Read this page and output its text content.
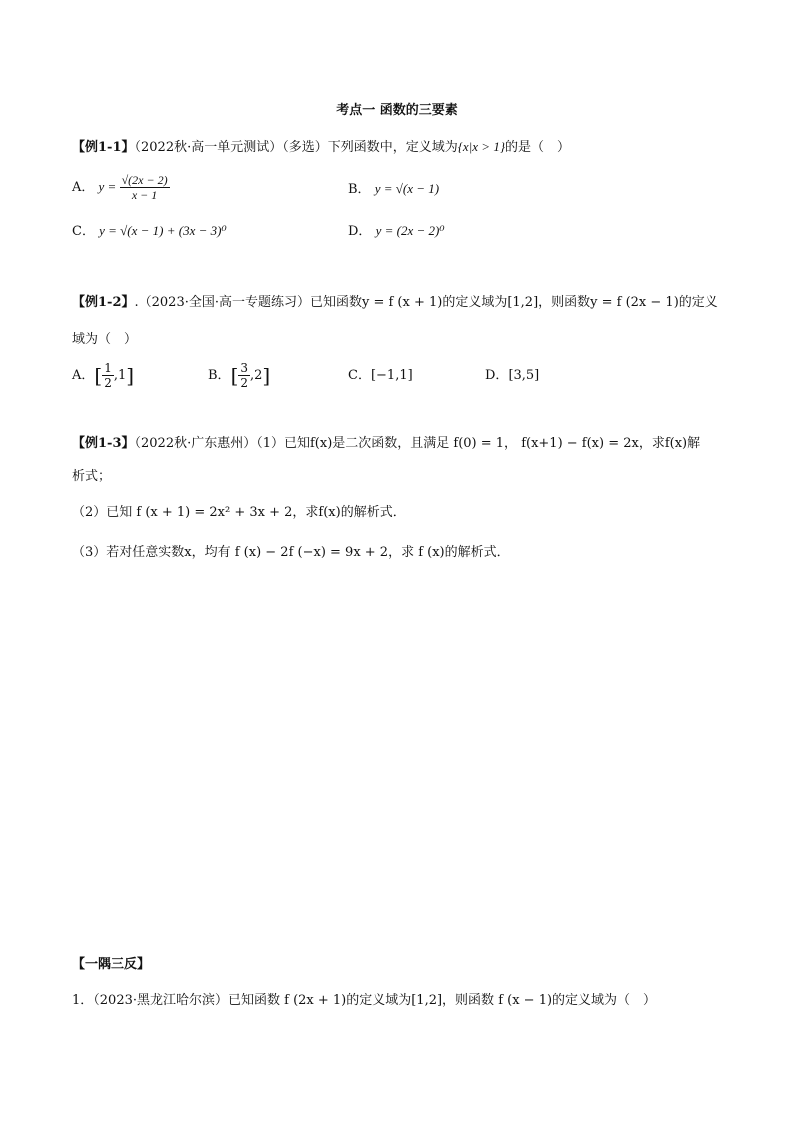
考点一 函数的三要素
【例1-1】（2022秋·高一单元测试）（多选）下列函数中，定义域为{x|x > 1}的是（　）
A． $y = \frac{√(2x - 2)}{x - 1}$	B． y = √(x − 1)
C． y = √(x − 1) + (3x − 3)⁰	D． y = (2x − 2)⁰
【例1-2】.（2023·全国·高一专题练习）已知函数y = f (x + 1)的定义域为[1,2]，则函数y = f (2x − 1)的定义
域为（　）
A．[ $\frac{1}{2} ,1$]	B．[ $\frac{3}{2} ,2$]	C．[−1,1]	D．[3,5]
【例1-3】（2022秋·广东惠州）（1）已知f(x)是二次函数，且满足 f(0) = 1， f(x+1) − f(x) = 2x，求f(x)解
析式；
（2）已知 f (x + 1) = 2x² + 3x + 2，求f(x)的解析式．
（3）若对任意实数x，均有 f (x) − 2f (−x) = 9x + 2，求 f (x)的解析式．
【一隅三反】
1．（2023·黑龙江哈尔滨）已知函数 f (2x + 1)的定义域为[1,2]，则函数 f (x − 1)的定义域为（　）
